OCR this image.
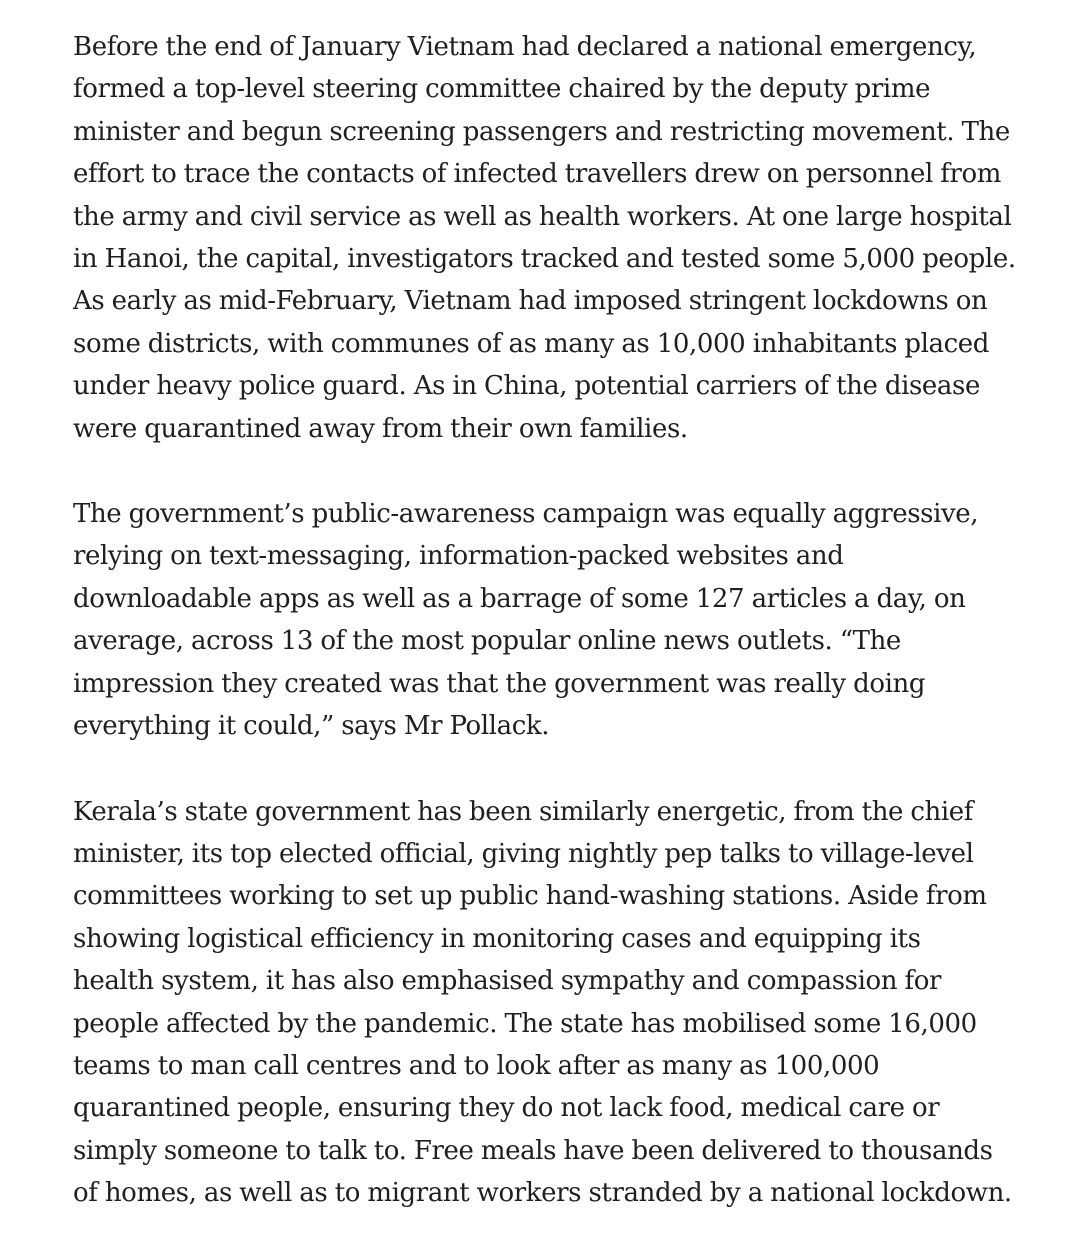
Before the end of January Vietnam had declared a national emergency,
formed a top-level steering committee chaired by the deputy prime
minister and begun screening passengers and restricting movement. The
effort to trace the contacts of infected travellers drew on personnel from
the army and civil service as well as health workers. At one large hospital
in Hanoi, the capital, investigators tracked and tested some 5,000 people.
As early as mid-February, Vietnam had imposed stringent lockdowns on
some districts, with communes of as many as 10,000 inhabitants placed
under heavy police guard. As in China, potential carriers of the disease
were quarantined away from their own families.

The government’s public-awareness campaign was equally aggressive,
relying on text-messaging, information-packed websites and
downloadable apps as well as a barrage of some 127 articles a day, on
average, across 13 of the most popular online news outlets. “The
impression they created was that the government was really doing
everything it could,” says Mr Pollack.

Kerala’s state government has been similarly energetic, from the chief
minister, its top elected official, giving nightly pep talks to village-level
committees working to set up public hand-washing stations. Aside from
showing logistical efficiency in monitoring cases and equipping its
health system, it has also emphasised sympathy and compassion for
people affected by the pandemic. The state has mobilised some 16,000
teams to man call centres and to look after as many as 100,000
quarantined people, ensuring they do not lack food, medical care or
simply someone to talk to. Free meals have been delivered to thousands
of homes, as well as to migrant workers stranded by a national lockdown.
